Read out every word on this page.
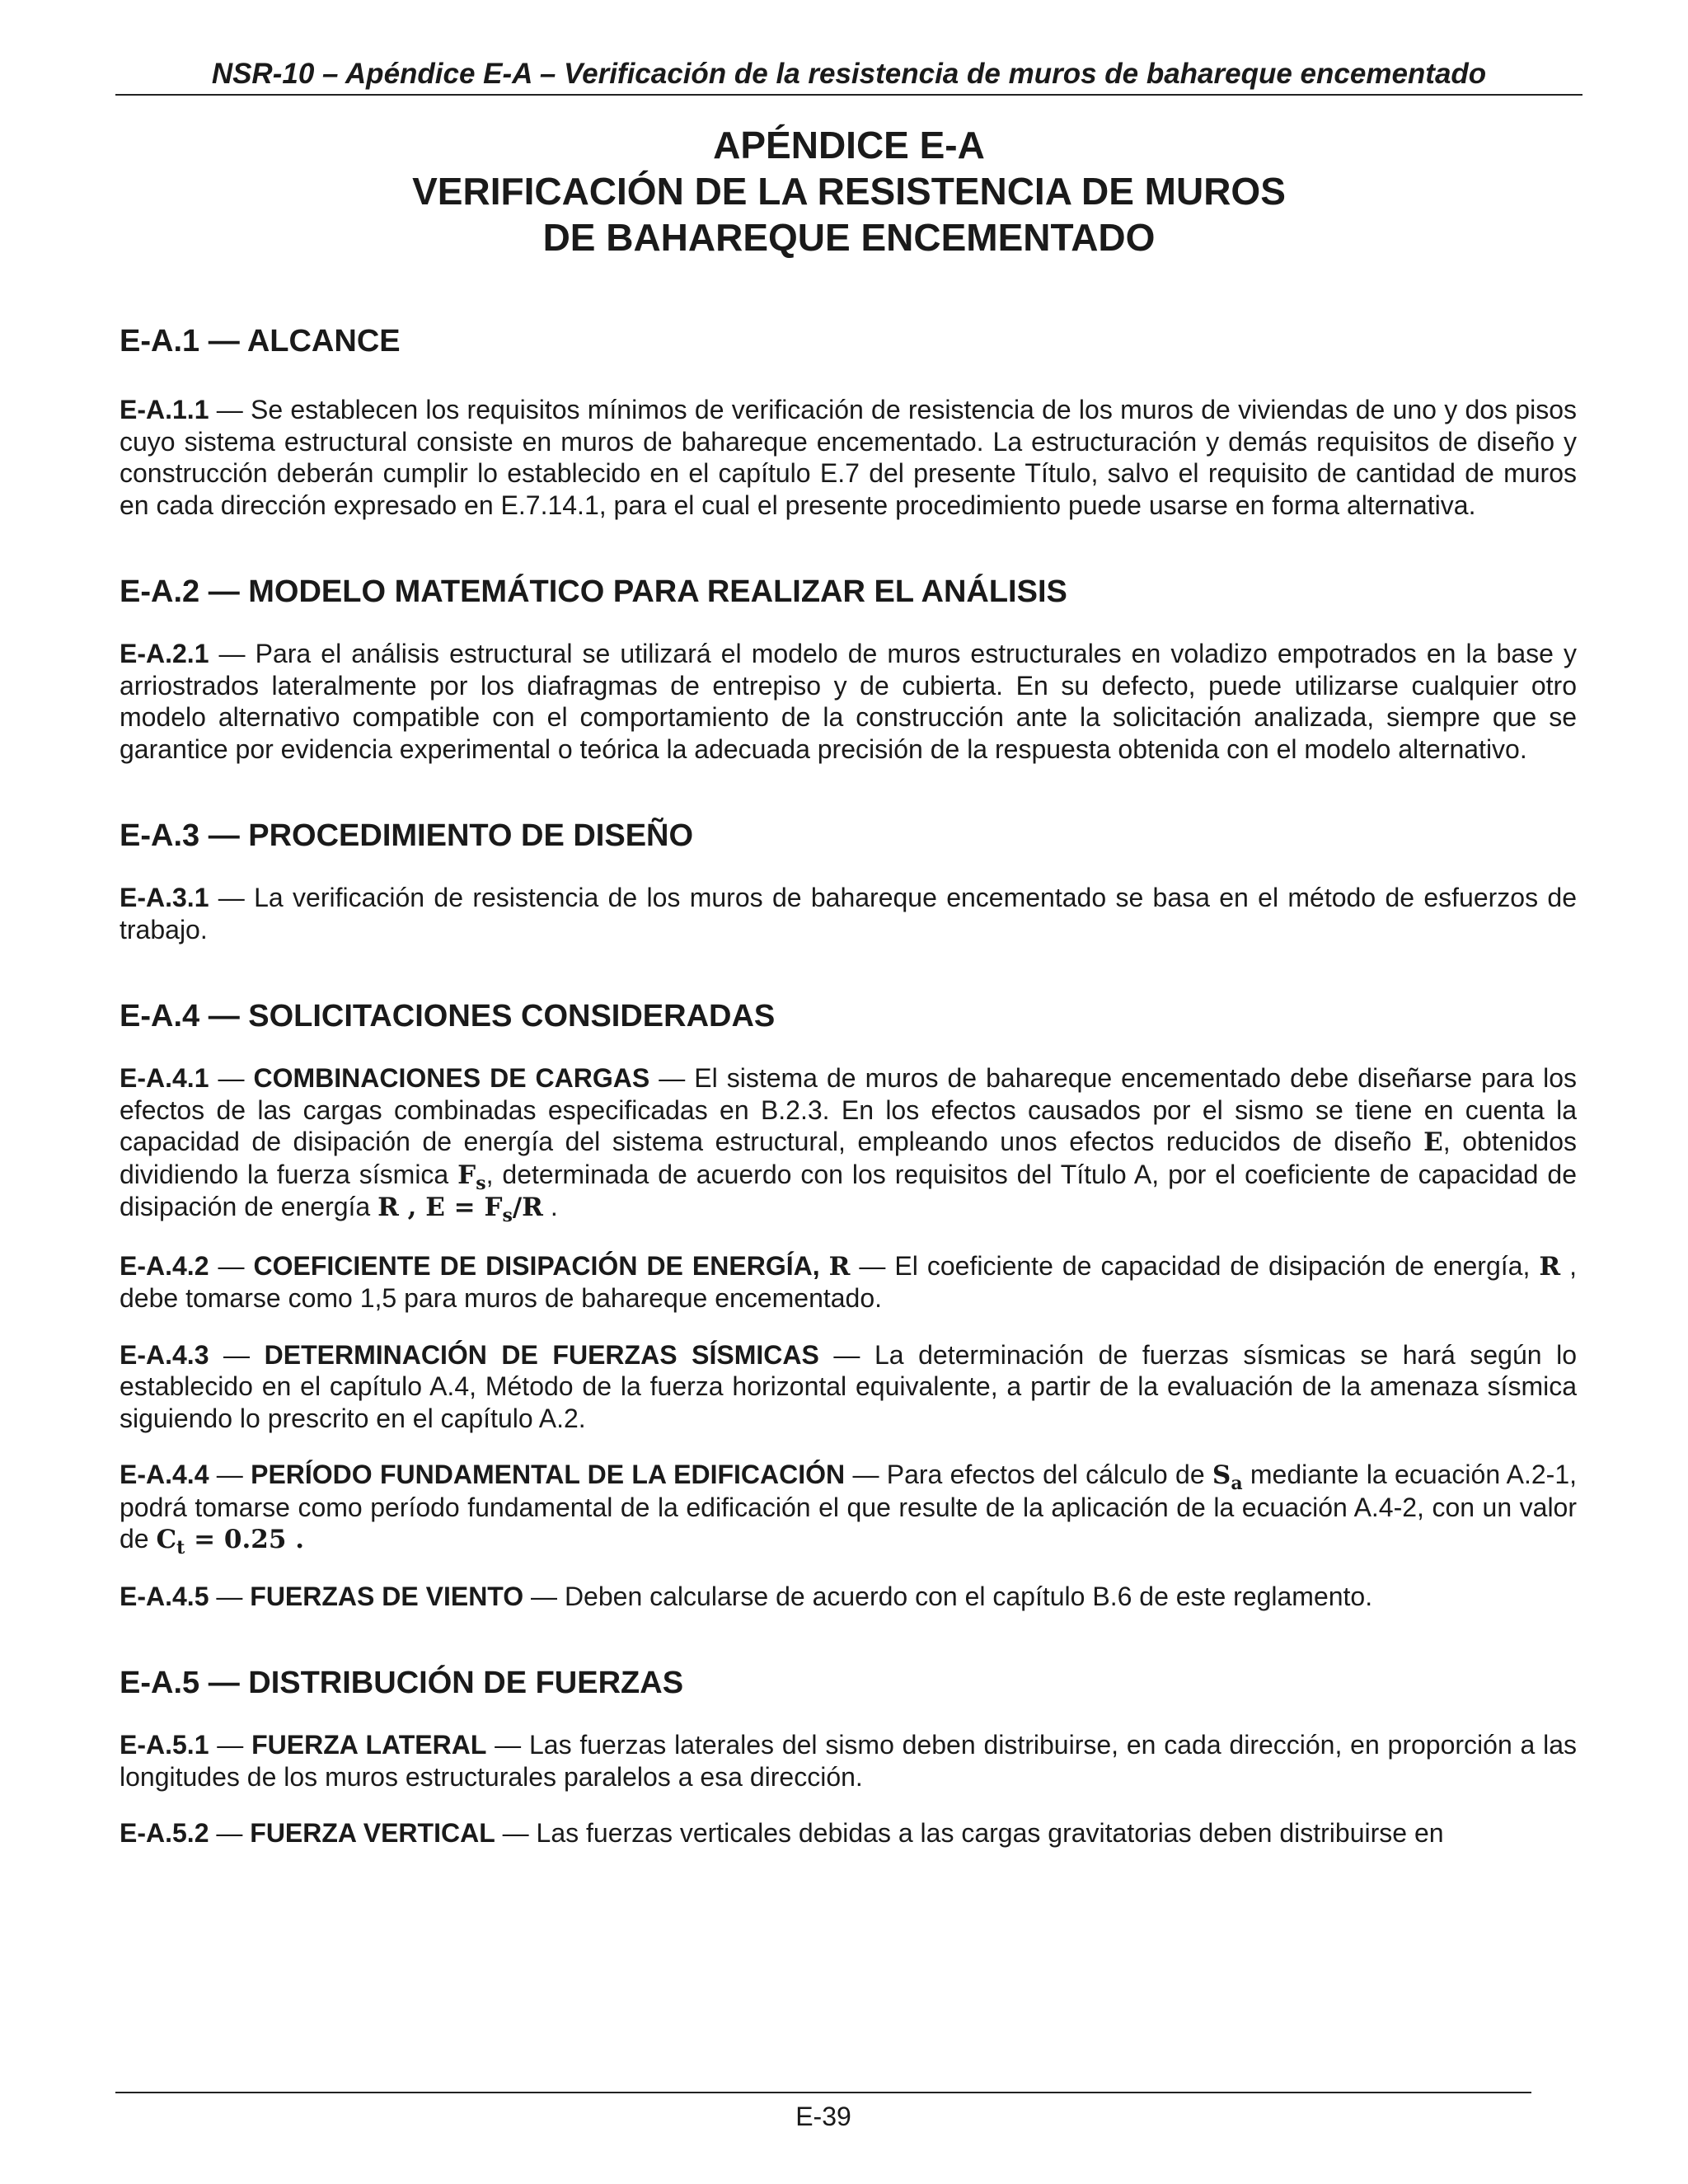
NSR-10 – Apéndice E-A – Verificación de la resistencia de muros de bahareque encementado
APÉNDICE E-A
VERIFICACIÓN DE LA RESISTENCIA DE MUROS
DE BAHAREQUE ENCEMENTADO
E-A.1 — ALCANCE

E-A.1.1 — Se establecen los requisitos mínimos de verificación de resistencia de los muros de viviendas de uno y dos pisos cuyo sistema estructural consiste en muros de bahareque encementado. La estructuración y demás requisitos de diseño y construcción deberán cumplir lo establecido en el capítulo E.7 del presente Título, salvo el requisito de cantidad de muros en cada dirección expresado en E.7.14.1, para el cual el presente procedimiento puede usarse en forma alternativa.

E-A.2 — MODELO MATEMÁTICO PARA REALIZAR EL ANÁLISIS

E-A.2.1 — Para el análisis estructural se utilizará el modelo de muros estructurales en voladizo empotrados en la base y arriostrados lateralmente por los diafragmas de entrepiso y de cubierta. En su defecto, puede utilizarse cualquier otro modelo alternativo compatible con el comportamiento de la construcción ante la solicitación analizada, siempre que se garantice por evidencia experimental o teórica la adecuada precisión de la respuesta obtenida con el modelo alternativo.

E-A.3 — PROCEDIMIENTO DE DISEÑO

E-A.3.1 — La verificación de resistencia de los muros de bahareque encementado se basa en el método de esfuerzos de trabajo.

E-A.4 — SOLICITACIONES CONSIDERADAS

E-A.4.1 — COMBINACIONES DE CARGAS — El sistema de muros de bahareque encementado debe diseñarse para los efectos de las cargas combinadas especificadas en B.2.3. En los efectos causados por el sismo se tiene en cuenta la capacidad de disipación de energía del sistema estructural, empleando unos efectos reducidos de diseño E, obtenidos dividiendo la fuerza sísmica $F_s$, determinada de acuerdo con los requisitos del Título A, por el coeficiente de capacidad de disipación de energía R , $E = F_s/R$ .

E-A.4.2 — COEFICIENTE DE DISIPACIÓN DE ENERGÍA, R — El coeficiente de capacidad de disipación de energía, R , debe tomarse como 1,5 para muros de bahareque encementado.

E-A.4.3 — DETERMINACIÓN DE FUERZAS SÍSMICAS — La determinación de fuerzas sísmicas se hará según lo establecido en el capítulo A.4, Método de la fuerza horizontal equivalente, a partir de la evaluación de la amenaza sísmica siguiendo lo prescrito en el capítulo A.2.

E-A.4.4 — PERÍODO FUNDAMENTAL DE LA EDIFICACIÓN — Para efectos del cálculo de $S_a$ mediante la ecuación A.2-1, podrá tomarse como período fundamental de la edificación el que resulte de la aplicación de la ecuación A.4-2, con un valor de $C_t = 0.25$ .

E-A.4.5 — FUERZAS DE VIENTO — Deben calcularse de acuerdo con el capítulo B.6 de este reglamento.

E-A.5 — DISTRIBUCIÓN DE FUERZAS

E-A.5.1 — FUERZA LATERAL — Las fuerzas laterales del sismo deben distribuirse, en cada dirección, en proporción a las longitudes de los muros estructurales paralelos a esa dirección.

E-A.5.2 — FUERZA VERTICAL — Las fuerzas verticales debidas a las cargas gravitatorias deben distribuirse en

E-39
